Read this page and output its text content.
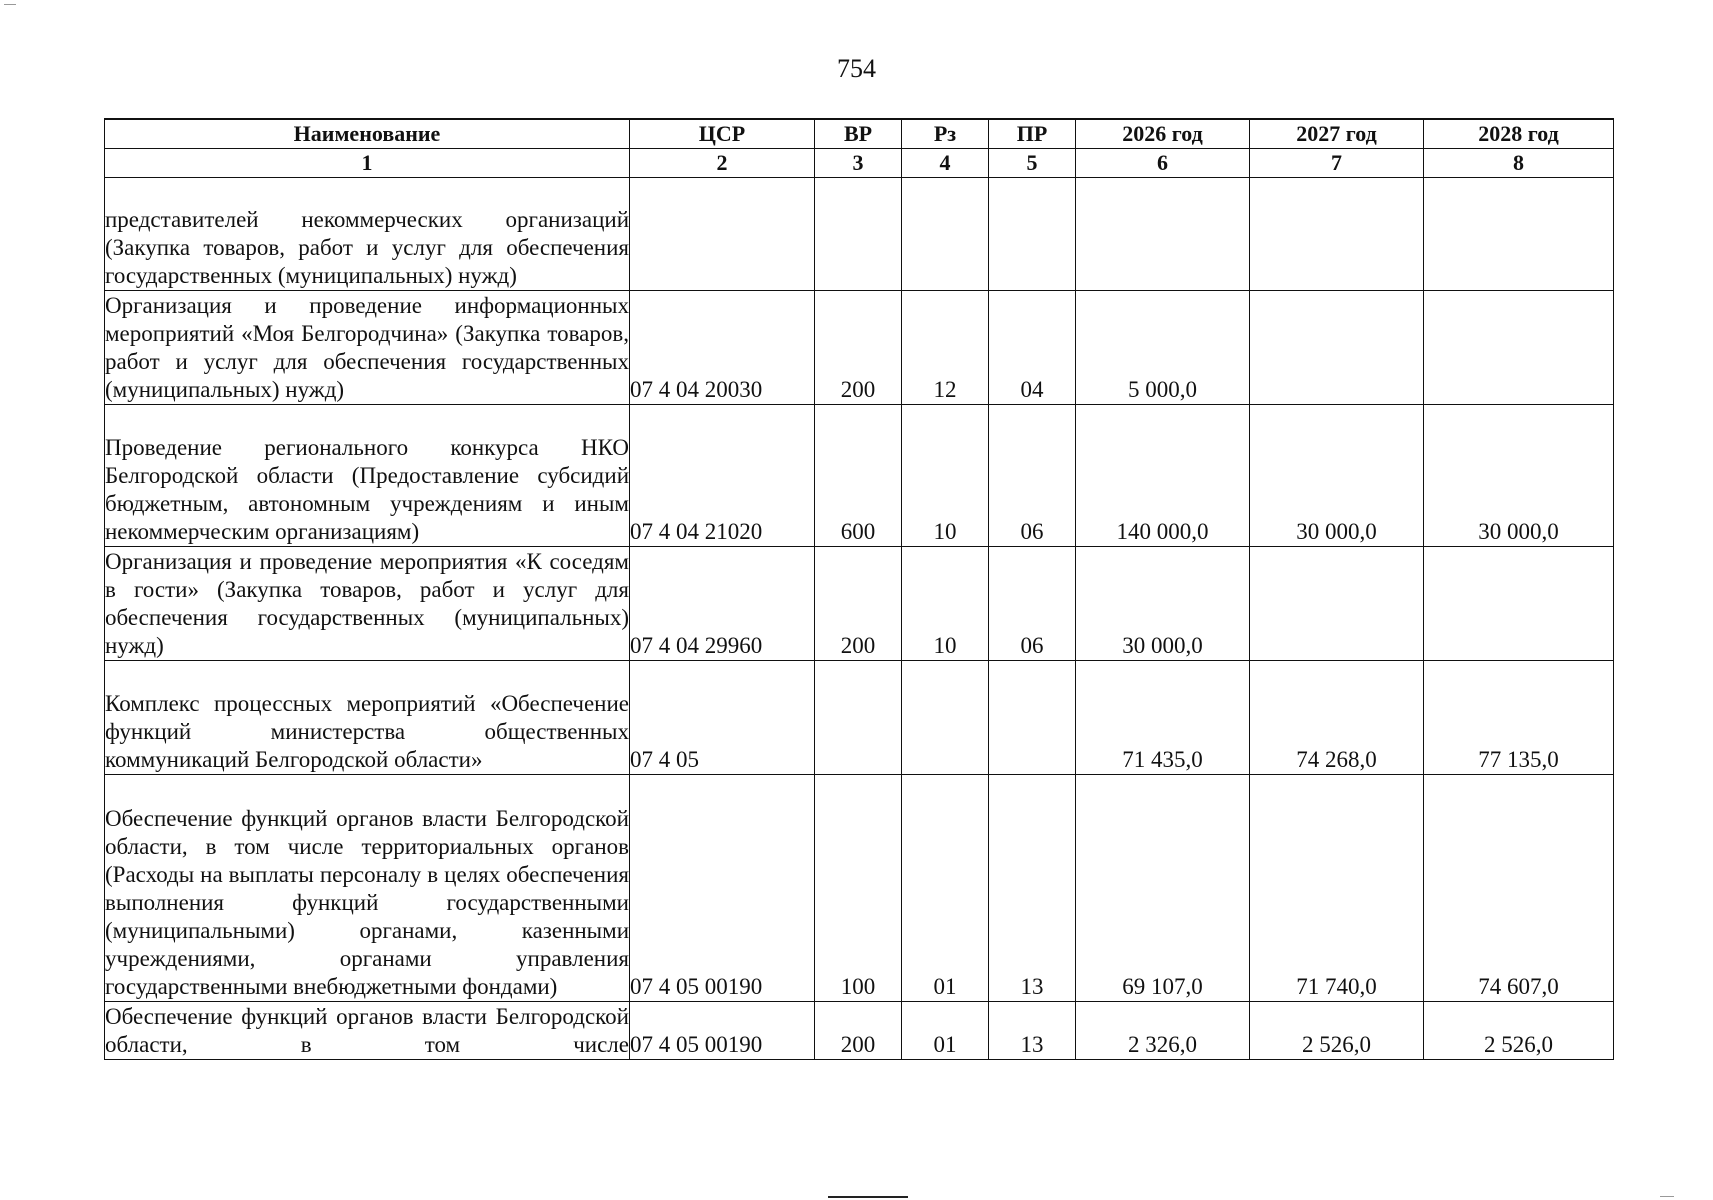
754
Наименование	ЦСР	ВР	Рз	ПР	2026 год	2027 год	2028 год
1	2	3	4	5	6	7	8
представителей некоммерческих организаций (Закупка товаров, работ и услуг для обеспечения государственных (муниципальных) нужд)							
Организация и проведение информационных мероприятий «Моя Белгородчина» (Закупка товаров, работ и услуг для обеспечения государственных (муниципальных) нужд)	07 4 04 20030	200	12	04	5 000,0		
Проведение регионального конкурса НКО Белгородской области (Предоставление субсидий бюджетным, автономным учреждениям и иным некоммерческим организациям)	07 4 04 21020	600	10	06	140 000,0	30 000,0	30 000,0
Организация и проведение мероприятия «К соседям в гости» (Закупка товаров, работ и услуг для обеспечения государственных (муниципальных) нужд)	07 4 04 29960	200	10	06	30 000,0		
Комплекс процессных мероприятий «Обеспечение функций министерства общественных коммуникаций Белгородской области»	07 4 05				71 435,0	74 268,0	77 135,0
Обеспечение функций органов власти Белгородской области, в том числе территориальных органов (Расходы на выплаты персоналу в целях обеспечения выполнения функций государственными (муниципальными) органами, казенными учреждениями, органами управления государственными внебюджетными фондами)	07 4 05 00190	100	01	13	69 107,0	71 740,0	74 607,0
Обеспечение функций органов власти Белгородской области, в том числе	07 4 05 00190	200	01	13	2 326,0	2 526,0	2 526,0
